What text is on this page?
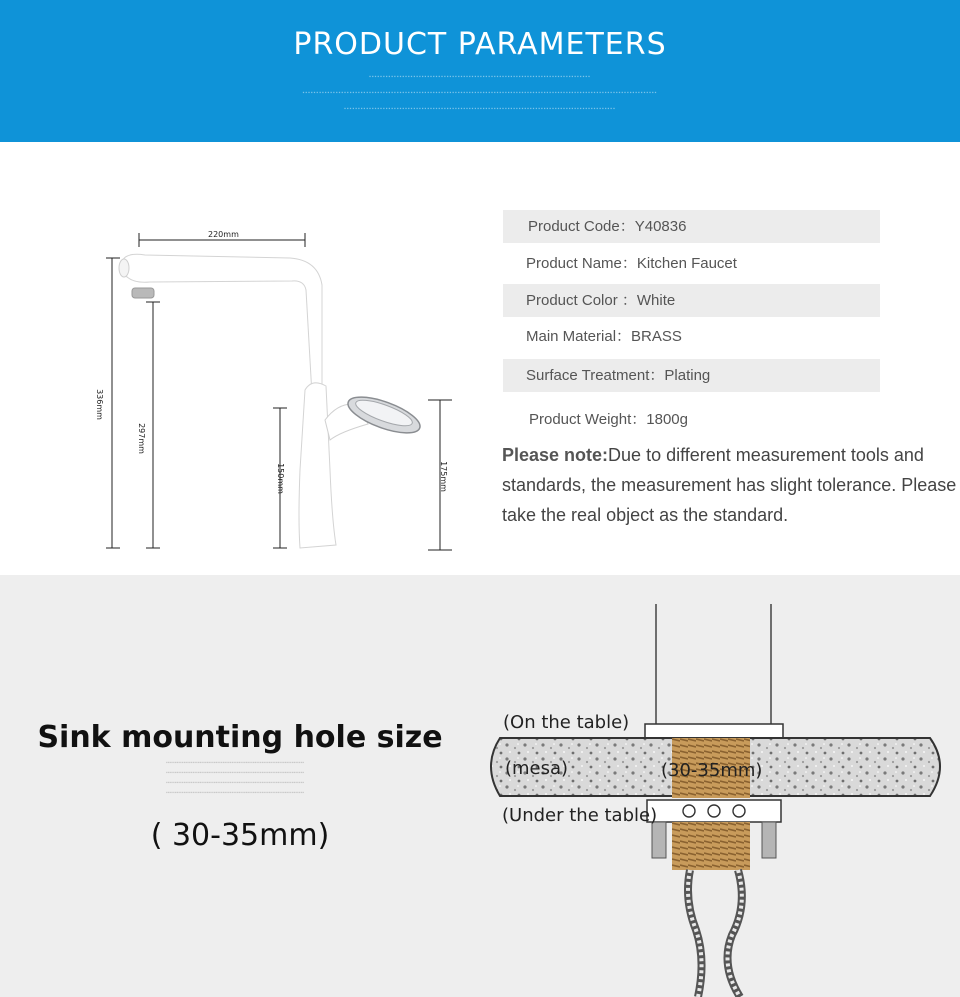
PRODUCT PARAMETERS
▪▪▪▪▪▪▪▪▪▪▪▪▪▪▪▪▪▪▪▪▪▪▪▪▪▪▪▪▪▪▪▪▪▪▪▪▪▪▪▪▪▪▪▪▪▪▪▪▪▪▪▪▪▪▪▪▪▪▪▪▪▪▪▪▪▪▪▪▪▪▪▪▪▪▪▪▪▪▪▪
▪▪▪▪▪▪▪▪▪▪▪▪▪▪▪▪▪▪▪▪▪▪▪▪▪▪▪▪▪▪▪▪▪▪▪▪▪▪▪▪▪▪▪▪▪▪▪▪▪▪▪▪▪▪▪▪▪▪▪▪▪▪▪▪▪▪▪▪▪▪▪▪▪▪▪▪▪▪▪▪▪▪▪▪▪▪▪▪▪▪▪▪▪▪▪▪▪▪▪▪▪▪▪▪▪▪▪▪▪▪▪▪▪▪▪▪▪▪▪▪▪▪▪▪▪▪▪▪
▪▪▪▪▪▪▪▪▪▪▪▪▪▪▪▪▪▪▪▪▪▪▪▪▪▪▪▪▪▪▪▪▪▪▪▪▪▪▪▪▪▪▪▪▪▪▪▪▪▪▪▪▪▪▪▪▪▪▪▪▪▪▪▪▪▪▪▪▪▪▪▪▪▪▪▪▪▪▪▪▪▪▪▪▪▪▪▪▪▪▪▪▪▪▪▪▪▪
220mm
336mm
297mm
150mm	175mm
Product Code：Y40836
Product Name：Kitchen Faucet
Product Color ：White
Main Material：BRASS
Surface Treatment：Plating
Product Weight：1800g
Please note:Due to different measurement tools and standards, the measurement has slight tolerance. Please take the real object as the standard.
Sink mounting hole size
▪▪▪▪▪▪▪▪▪▪▪▪▪▪▪▪▪▪▪▪▪▪▪▪▪▪▪▪▪▪▪▪▪▪▪▪▪▪▪▪▪▪▪▪▪▪▪▪▪▪▪▪▪▪▪▪▪▪▪▪▪▪▪▪▪▪▪▪▪▪▪▪▪▪▪▪▪▪
▪▪▪▪▪▪▪▪▪▪▪▪▪▪▪▪▪▪▪▪▪▪▪▪▪▪▪▪▪▪▪▪▪▪▪▪▪▪▪▪▪▪▪▪▪▪▪▪▪▪▪▪▪▪▪▪▪▪▪▪▪▪▪▪▪▪▪▪▪▪▪▪▪▪▪▪▪▪
▪▪▪▪▪▪▪▪▪▪▪▪▪▪▪▪▪▪▪▪▪▪▪▪▪▪▪▪▪▪▪▪▪▪▪▪▪▪▪▪▪▪▪▪▪▪▪▪▪▪▪▪▪▪▪▪▪▪▪▪▪▪▪▪▪▪▪▪▪▪▪▪▪▪▪▪▪▪
▪▪▪▪▪▪▪▪▪▪▪▪▪▪▪▪▪▪▪▪▪▪▪▪▪▪▪▪▪▪▪▪▪▪▪▪▪▪▪▪▪▪▪▪▪▪▪▪▪▪▪▪▪▪▪▪▪▪▪▪▪▪▪▪▪▪▪▪▪▪▪▪▪▪▪▪▪▪
( 30-35mm)
(On the table)
(mesa)	(30-35mm)
(Under the table)
